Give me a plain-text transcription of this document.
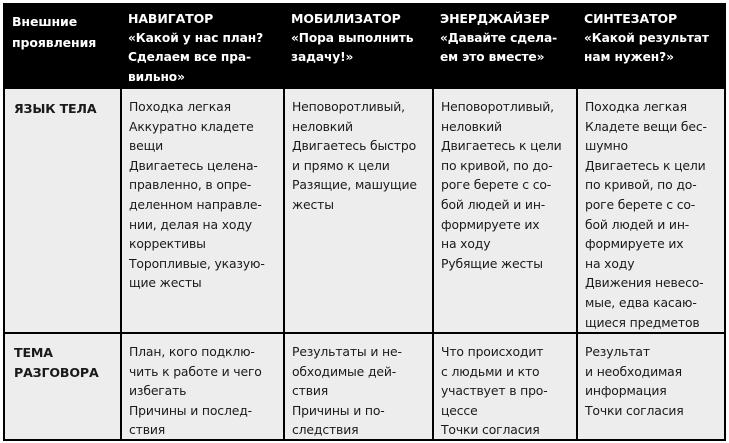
Внешние
проявления
НАВИГАТОР
«Какой у нас план?
Сделаем все пра-
вильно»
МОБИЛИЗАТОР
«Пора выполнить
задачу!»
ЭНЕРДЖАЙЗЕР
«Давайте сдела-
ем это вместе»
СИНТЕЗАТОР
«Какой результат
нам нужен?»
ЯЗЫК ТЕЛА	Походка легкая
Аккуратно кладете
вещи
Двигаетесь целена-
правленно, в опре-
деленном направле-
нии, делая на ходу
коррективы
Торопливые, указую-
щие жесты
Неповоротливый,
неловкий
Двигаетесь быстро
и прямо к цели
Разящие, машущие
жесты
Неповоротливый,
неловкий
Двигаетесь к цели
по кривой, по до-
роге берете с со-
бой людей и ин-
формируете их
на ходу
Рубящие жесты
Походка легкая
Кладете вещи бес-
шумно
Двигаетесь к цели
по кривой, по до-
роге берете с со-
бой людей и ин-
формируете их
на ходу
Движения невесо-
мые, едва касаю-
щиеся предметов
ТЕМА
РАЗГОВОРА
План, кого подклю-
чить к работе и чего
избегать
Причины и послед-
ствия
Результаты и не-
обходимые дей-
ствия
Причины и по-
следствия
Что происходит
с людьми и кто
участвует в про-
цессе
Точки согласия
Результат
и необходимая
информация
Точки согласия
